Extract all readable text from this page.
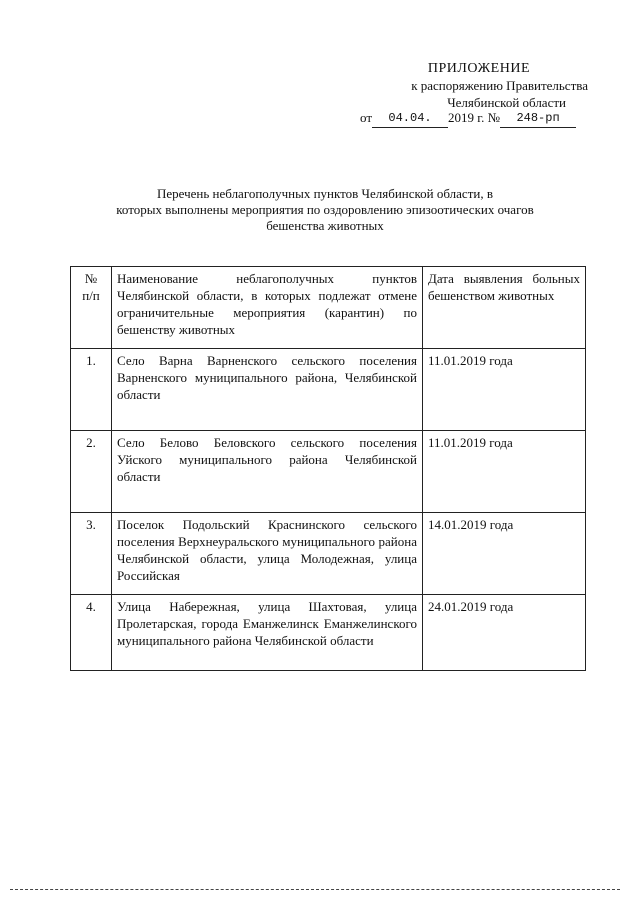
ПРИЛОЖЕНИЕ
к распоряжению Правительства
Челябинской области
от 04.04. 2019 г. № 248-рп
Перечень неблагополучных пунктов Челябинской области, в
которых выполнены мероприятия по оздоровлению эпизоотических очагов
бешенства животных
№
п/п	Наименование неблагополучных пунктов Челябинской области, в которых подлежат отмене ограничительные мероприятия (карантин) по бешенству животных	Дата выявления больных бешенством животных
1.	Село Варна Варненского сельского поселения Варненского муниципального района, Челябинской области	11.01.2019 года
2.	Село Белово Беловского сельского поселения Уйского муниципального района Челябинской области	11.01.2019 года
3.	Поселок Подольский Краснинского сельского поселения Верхнеуральского муниципального района Челябинской области, улица Молодежная, улица Российская	14.01.2019 года
4.	Улица Набережная, улица Шахтовая, улица Пролетарская, города Еманжелинск Еманжелинского муниципального района Челябинской области	24.01.2019 года
